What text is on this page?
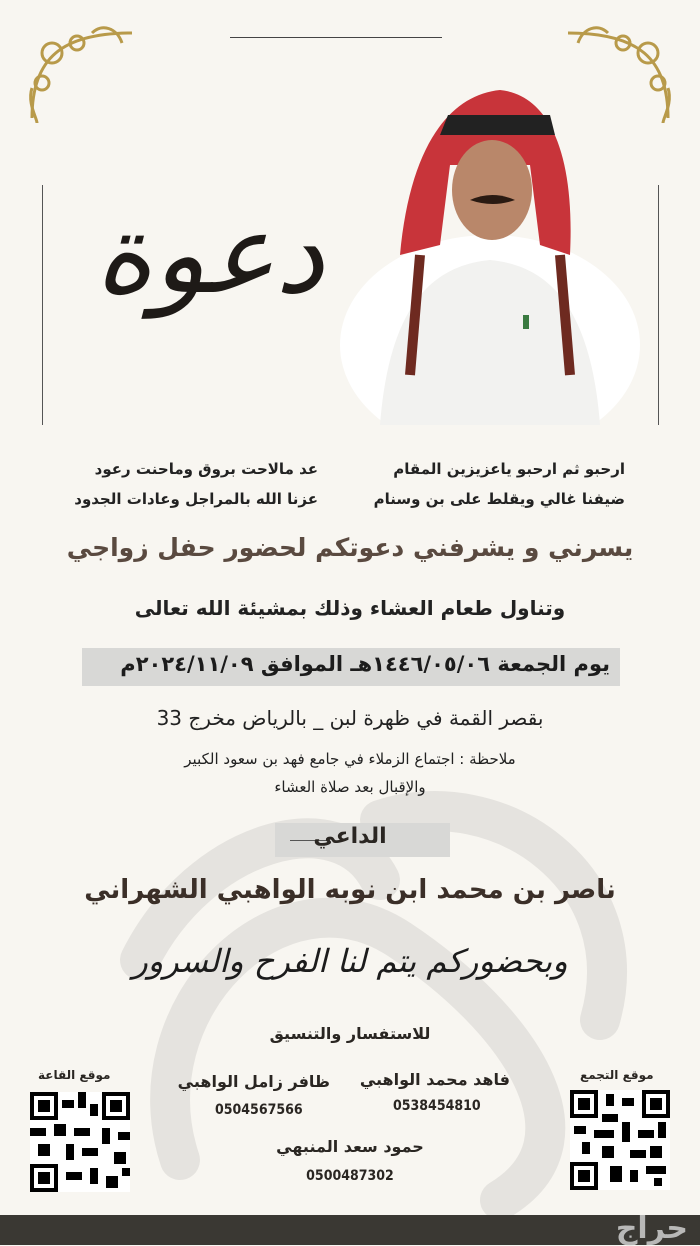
دعوة
ارحبو ثم ارحبو ياعزيزين المقام
عد مالاحت بروق وماحنت رعود
ضيفنا غالي ويقلط على بن وسنام
عزنا الله بالمراجل وعادات الجدود
يسرني و يشرفني دعوتكم لحضور حفل زواجي
وتناول طعام العشاء وذلك بمشيئة الله تعالى
يوم الجمعة ١٤٤٦/٠٥/٠٦هـ الموافق ٢٠٢٤/١١/٠٩م
بقصر القمة في ظهرة لبن _ بالرياض مخرج 33
ملاحظة : اجتماع الزملاء في جامع فهد بن سعود الكبير
والإقبال بعد صلاة العشاء
الداعي
ناصر بن محمد ابن نوبه الواهبي الشهراني
وبحضوركم يتم لنا الفرح والسرور
للاستفسار والتنسيق
فاهد محمد الواهبي
0538454810
ظافر زامل الواهبي
0504567566
حمود سعد المنبهي
0500487302
موقع التجمع
موقع القاعة
حراج
